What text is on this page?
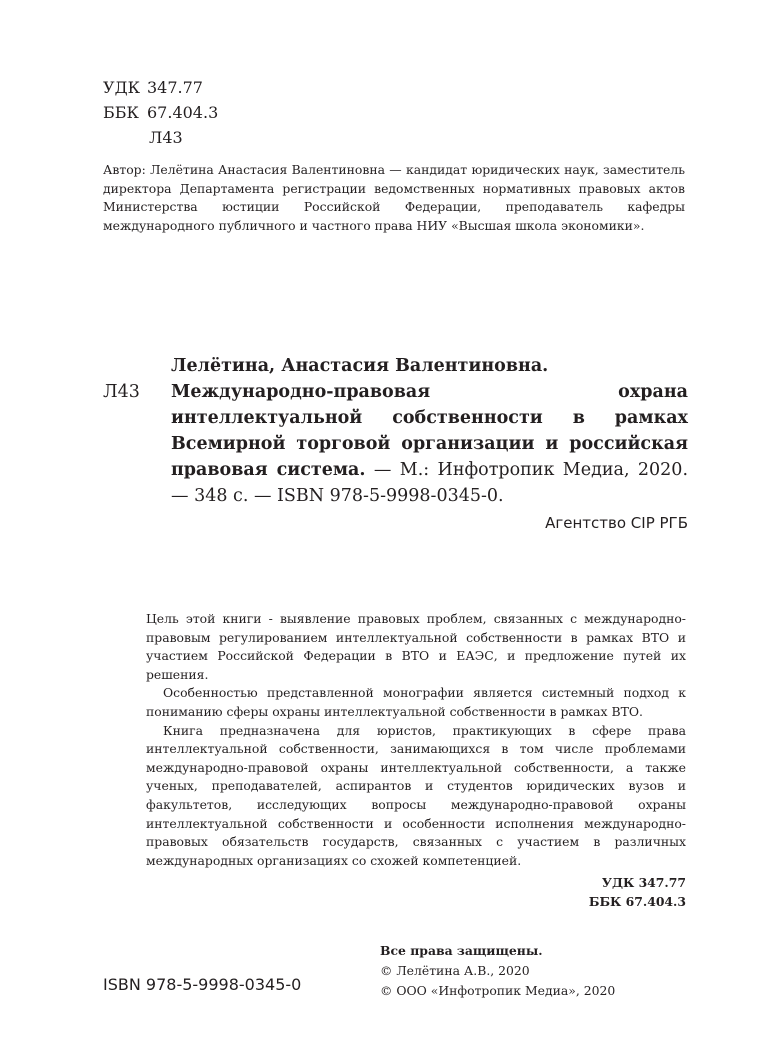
УДК 347.77
ББК 67.404.3
Л43
Автор: Лелётина Анастасия Валентиновна — кандидат юридических наук, заместитель директора Департамента регистрации ведомственных нормативных правовых актов Министерства юстиции Российской Федерации, преподаватель кафедры международного публичного и частного права НИУ «Высшая школа экономики».
Лелётина, Анастасия Валентиновна.
Л43	Международно-правовая охрана интеллектуальной собственности в рамках Всемирной торговой организации и российская правовая система. — М.: Инфотропик Медиа, 2020. — 348 с. — ISBN 978-5-9998-0345-0.
Агентство CIP РГБ

Цель этой книги - выявление правовых проблем, связанных с международно-правовым регулированием интеллектуальной собственности в рамках ВТО и участием Российской Федерации в ВТО и ЕАЭС, и предложение путей их решения.

Особенностью представленной монографии является системный подход к пониманию сферы охраны интеллектуальной собственности в рамках ВТО.

Книга предназначена для юристов, практикующих в сфере права интеллектуальной собственности, занимающихся в том числе проблемами международно-правовой охраны интеллектуальной собственности, а также ученых, преподавателей, аспирантов и студентов юридических вузов и факультетов, исследующих вопросы международно-правовой охраны интеллектуальной собственности и особенности исполнения международно-правовых обязательств государств, связанных с участием в различных международных организациях со схожей компетенцией.

УДК 347.77
ББК 67.404.3
ISBN 978-5-9998-0345-0
Все права защищены.
© Лелётина А.В., 2020
© ООО «Инфотропик Медиа», 2020
